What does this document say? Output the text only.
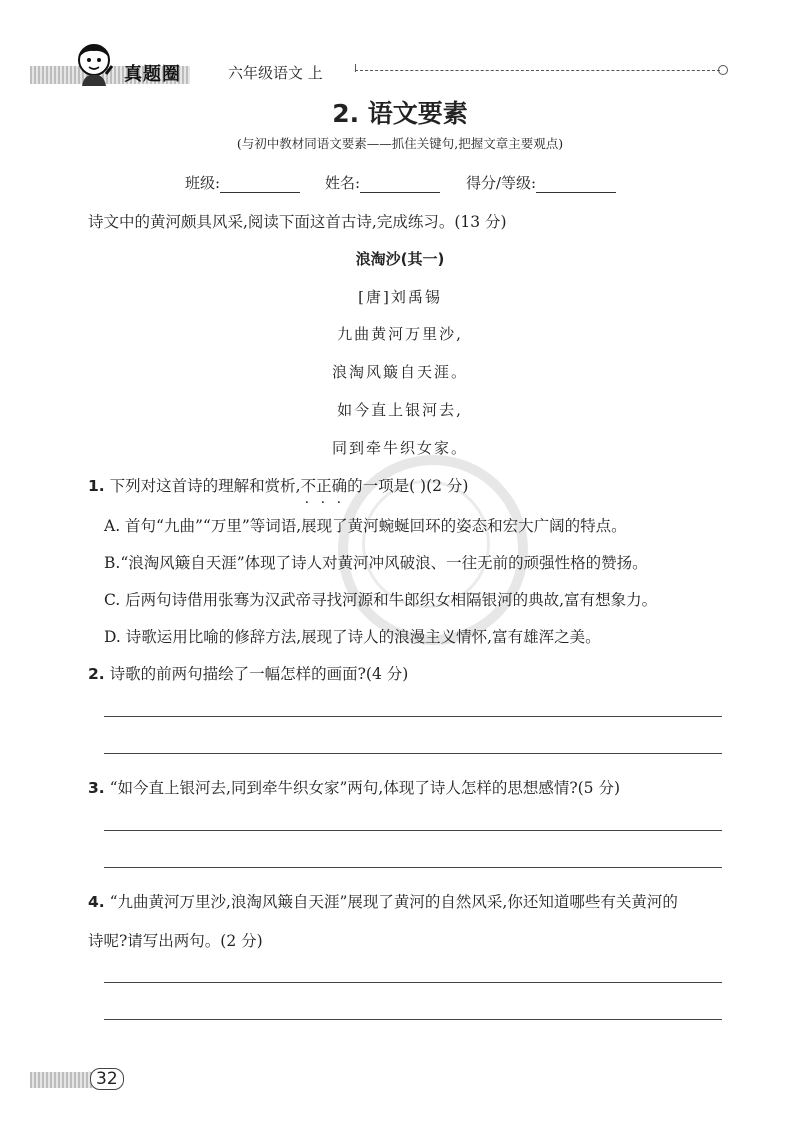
真题圈	六年级语文 上
2. 语文要素
(与初中教材同语文要素——抓住关键句,把握文章主要观点)
班级:	姓名:	得分/等级:
诗文中的黄河颇具风采,阅读下面这首古诗,完成练习。(13 分)
浪淘沙(其一)
[唐]刘禹锡
九曲黄河万里沙,
浪淘风簸自天涯。
如今直上银河去,
同到牵牛织女家。
1. 下列对这首诗的理解和赏析,不正确
· · ·
的一项是( )(2 分)
A. 首句“九曲”“万里”等词语,展现了黄河蜿蜒回环的姿态和宏大广阔的特点。
B.“浪淘风簸自天涯”体现了诗人对黄河冲风破浪、一往无前的顽强性格的赞扬。
C. 后两句诗借用张骞为汉武帝寻找河源和牛郎织女相隔银河的典故,富有想象力。
D. 诗歌运用比喻的修辞方法,展现了诗人的浪漫主义情怀,富有雄浑之美。
2. 诗歌的前两句描绘了一幅怎样的画面?(4 分)
3. “如今直上银河去,同到牵牛织女家”两句,体现了诗人怎样的思想感情?(5 分)
4. “九曲黄河万里沙,浪淘风簸自天涯”展现了黄河的自然风采,你还知道哪些有关黄河的
诗呢?请写出两句。(2 分)
32
